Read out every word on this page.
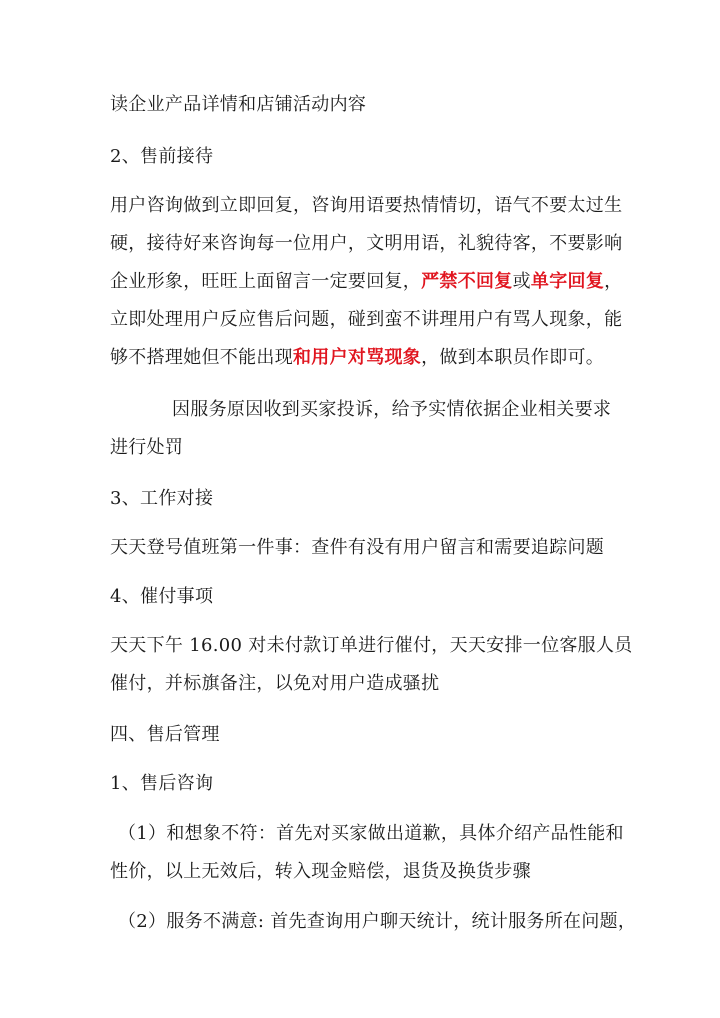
读企业产品详情和店铺活动内容

2、售前接待

用户咨询做到立即回复，咨询用语要热情情切，语气不要太过生

硬，接待好来咨询每一位用户，文明用语，礼貌待客，不要影响

企业形象，旺旺上面留言一定要回复，严禁不回复或单字回复，

立即处理用户反应售后问题，碰到蛮不讲理用户有骂人现象，能

够不搭理她但不能出现和用户对骂现象，做到本职员作即可。

因服务原因收到买家投诉，给予实情依据企业相关要求

进行处罚

3、工作对接

天天登号值班第一件事：查件有没有用户留言和需要追踪问题

4、催付事项

天天下午 16.00 对未付款订单进行催付，天天安排一位客服人员

催付，并标旗备注，以免对用户造成骚扰

四、售后管理

1、售后咨询

（1）和想象不符：首先对买家做出道歉，具体介绍产品性能和

性价，以上无效后，转入现金赔偿，退货及换货步骤

（2）服务不满意: 首先查询用户聊天统计，统计服务所在问题，
